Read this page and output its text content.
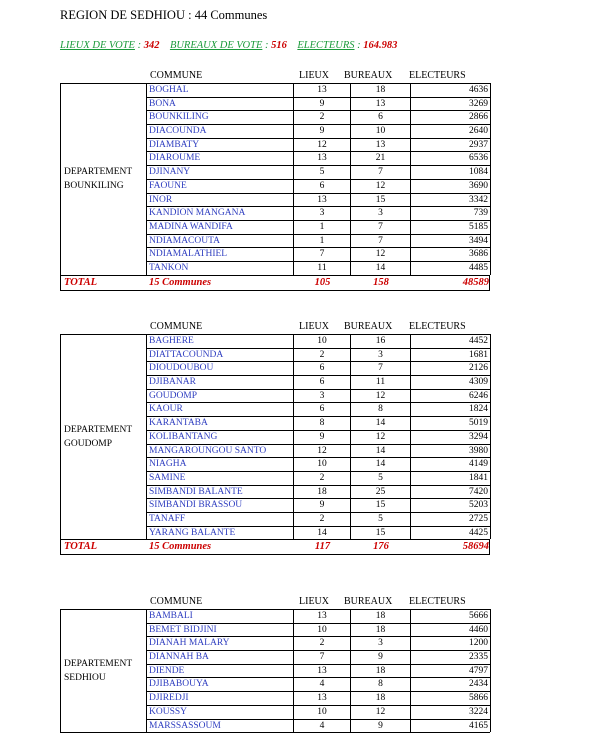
REGION DE SEDHIOU : 44 Communes
LIEUX DE VOTE : 342 BUREAUX DE VOTE : 516 ELECTEURS : 164.983
COMMUNE	LIEUX BUREAUX ELECTEURS
DEPARTEMENT
BOUNKILING
BOGHAL	13	18	4636
BONA	9	13	3269
BOUNKILING	2	6	2866
DIACOUNDA	9	10	2640
DIAMBATY	12	13	2937
DIAROUME	13	21	6536
DJINANY	5	7	1084
FAOUNE	6	12	3690
INOR	13	15	3342
KANDION MANGANA	3	3	739
MADINA WANDIFA	1	7	5185
NDIAMACOUTA	1	7	3494
NDIAMALATHIEL	7	12	3686
TANKON	11	14	4485
TOTAL	15 Communes	105	158	48589
COMMUNE	LIEUX BUREAUX ELECTEURS
DEPARTEMENT
GOUDOMP
BAGHERE	10	16	4452
DIATTACOUNDA	2	3	1681
DIOUDOUBOU	6	7	2126
DJIBANAR	6	11	4309
GOUDOMP	3	12	6246
KAOUR	6	8	1824
KARANTABA	8	14	5019
KOLIBANTANG	9	12	3294
MANGAROUNGOU SANTO	12	14	3980
NIAGHA	10	14	4149
SAMINE	2	5	1841
SIMBANDI BALANTE	18	25	7420
SIMBANDI BRASSOU	9	15	5203
TANAFF	2	5	2725
YARANG BALANTE	14	15	4425
TOTAL	15 Communes	117	176	58694
COMMUNE	LIEUX BUREAUX ELECTEURS
DEPARTEMENT
SEDHIOU
BAMBALI	13	18	5666
BEMET BIDJINI	10	18	4460
DIANAH MALARY	2	3	1200
DIANNAH BA	7	9	2335
DIENDE	13	18	4797
DJIBABOUYA	4	8	2434
DJIREDJI	13	18	5866
KOUSSY	10	12	3224
MARSSASSOUM	4	9	4165
